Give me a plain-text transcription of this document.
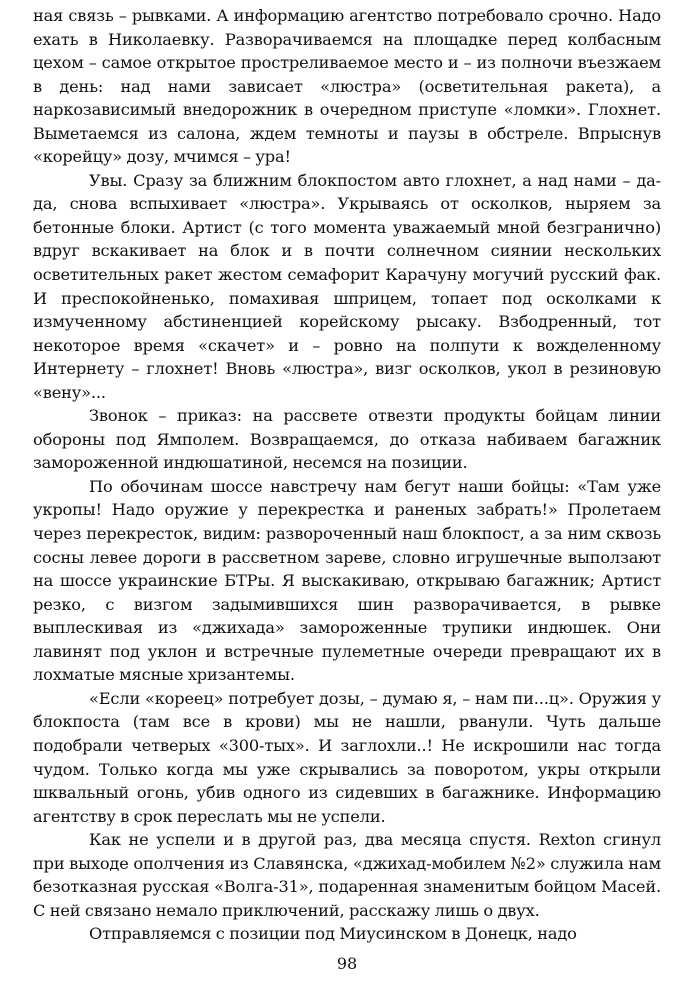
ная связь – рывками. А информацию агентство потребовало срочно. Надо ехать в Николаевку. Разворачиваемся на площадке перед колбасным цехом – самое открытое простреливаемое место и – из полночи въезжаем в день: над нами зависает «люстра» (осветительная ракета), а наркозависимый внедорожник в очередном приступе «ломки». Глохнет. Выметаемся из салона, ждем темноты и паузы в обстреле. Впрыснув «корейцу» дозу, мчимся – ура!

Увы. Сразу за ближним блокпостом авто глохнет, а над нами – да-да, снова вспыхивает «люстра». Укрываясь от осколков, ныряем за бетонные блоки. Артист (с того момента уважаемый мной безгранично) вдруг вскакивает на блок и в почти солнечном сиянии нескольких осветительных ракет жестом семафорит Карачуну могучий русский фак. И преспокойненько, помахивая шприцем, топает под осколками к измученному абстиненцией корейскому рысаку. Взбодренный, тот некоторое время «скачет» и – ровно на полпути к вожделенному Интернету – глохнет! Вновь «люстра», визг осколков, укол в резиновую «вену»...

Звонок – приказ: на рассвете отвезти продукты бойцам линии обороны под Ямполем. Возвращаемся, до отказа набиваем багажник замороженной индюшатиной, несемся на позиции.

По обочинам шоссе навстречу нам бегут наши бойцы: «Там уже укропы! Надо оружие у перекрестка и раненых забрать!» Пролетаем через перекресток, видим: развороченный наш блокпост, а за ним сквозь сосны левее дороги в рассветном зареве, словно игрушечные выползают на шоссе украинские БТРы. Я выскакиваю, открываю багажник; Артист резко, с визгом задымившихся шин разворачивается, в рывке выплескивая из «джихада» замороженные трупики индюшек. Они лавинят под уклон и встречные пулеметные очереди превращают их в лохматые мясные хризантемы.

«Если «кореец» потребует дозы, – думаю я, – нам пи...ц». Оружия у блокпоста (там все в крови) мы не нашли, рванули. Чуть дальше подобрали четверых «300-тых». И заглохли..! Не искрошили нас тогда чудом. Только когда мы уже скрывались за поворотом, укры открыли шквальный огонь, убив одного из сидевших в багажнике. Информацию агентству в срок переслать мы не успели.

Как не успели и в другой раз, два месяца спустя. Rexton сгинул при выходе ополчения из Славянска, «джихад-мобилем №2» служила нам безотказная русская «Волга-31», подаренная знаменитым бойцом Масей. С ней связано немало приключений, расскажу лишь о двух.

Отправляемся с позиции под Миусинском в Донецк, надо

98
